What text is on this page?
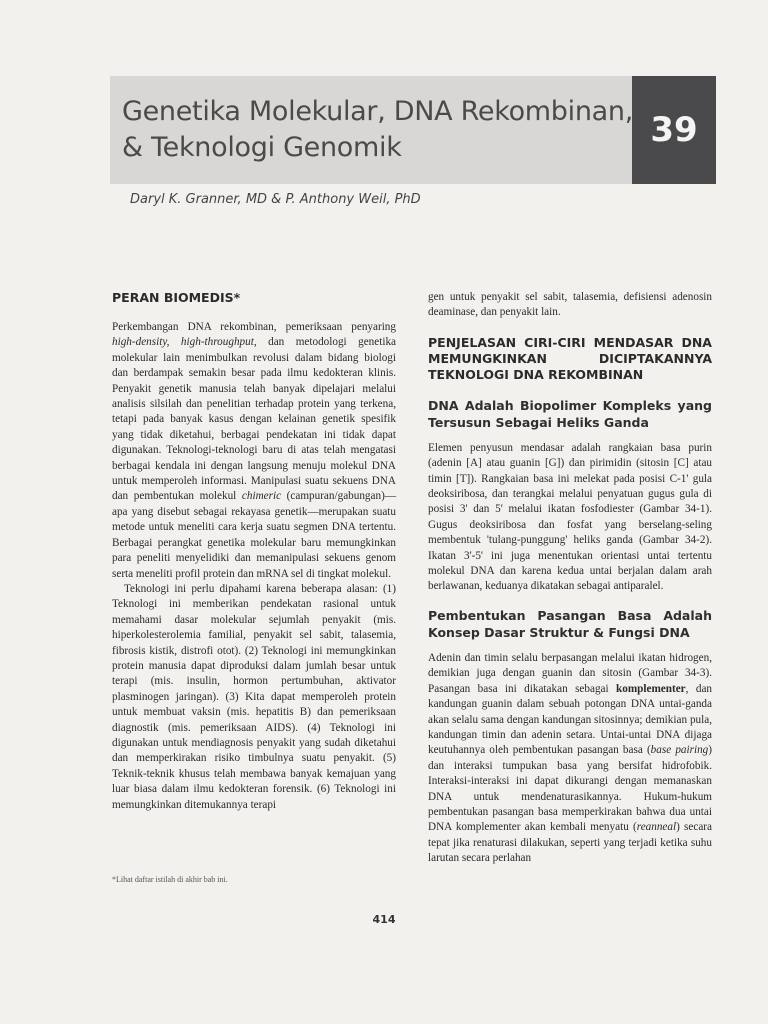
39
Genetika Molekular, DNA Rekombinan,
& Teknologi Genomik
Daryl K. Granner, MD & P. Anthony Weil, PhD
PERAN BIOMEDIS*

Perkembangan DNA rekombinan, pemeriksaan penyaring high-density, high-throughput, dan metodologi genetika molekular lain menimbulkan revolusi dalam bidang biologi dan berdampak semakin besar pada ilmu kedokteran klinis. Penyakit genetik manusia telah banyak dipelajari melalui analisis silsilah dan penelitian terhadap protein yang terkena, tetapi pada banyak kasus dengan kelainan genetik spesifik yang tidak diketahui, berbagai pendekatan ini tidak dapat digunakan. Teknologi-teknologi baru di atas telah mengatasi berbagai kendala ini dengan langsung menuju molekul DNA untuk memperoleh informasi. Manipulasi suatu sekuens DNA dan pembentukan molekul chimeric (campuran/gabungan)—apa yang disebut sebagai rekayasa genetik—merupakan suatu metode untuk meneliti cara kerja suatu segmen DNA tertentu. Berbagai perangkat genetika molekular baru memungkinkan para peneliti menyelidiki dan memanipulasi sekuens genom serta meneliti profil protein dan mRNA sel di tingkat molekul.

Teknologi ini perlu dipahami karena beberapa alasan: (1) Teknologi ini memberikan pendekatan rasional untuk memahami dasar molekular sejumlah penyakit (mis. hiperkolesterolemia familial, penyakit sel sabit, talasemia, fibrosis kistik, distrofi otot). (2) Teknologi ini memungkinkan protein manusia dapat diproduksi dalam jumlah besar untuk terapi (mis. insulin, hormon pertumbuhan, aktivator plasminogen jaringan). (3) Kita dapat memperoleh protein untuk membuat vaksin (mis. hepatitis B) dan pemeriksaan diagnostik (mis. pemeriksaan AIDS). (4) Teknologi ini digunakan untuk mendiagnosis penyakit yang sudah diketahui dan memperkirakan risiko timbulnya suatu penyakit. (5) Teknik-teknik khusus telah membawa banyak kemajuan yang luar biasa dalam ilmu kedokteran forensik. (6) Teknologi ini memungkinkan ditemukannya terapi

*Lihat daftar istilah di akhir bab ini.

gen untuk penyakit sel sabit, talasemia, defisiensi adenosin deaminase, dan penyakit lain.

PENJELASAN CIRI-CIRI MENDASAR DNA MEMUNGKINKAN DICIPTAKANNYA TEKNOLOGI DNA REKOMBINAN
DNA Adalah Biopolimer Kompleks yang Tersusun Sebagai Heliks Ganda

Elemen penyusun mendasar adalah rangkaian basa purin (adenin [A] atau guanin [G]) dan pirimidin (sitosin [C] atau timin [T]). Rangkaian basa ini melekat pada posisi C-1' gula deoksiribosa, dan terangkai melalui penyatuan gugus gula di posisi 3' dan 5' melalui ikatan fosfodiester (Gambar 34-1). Gugus deoksiribosa dan fosfat yang berselang-seling membentuk 'tulang-punggung' heliks ganda (Gambar 34-2). Ikatan 3'-5' ini juga menentukan orientasi untai tertentu molekul DNA dan karena kedua untai berjalan dalam arah berlawanan, keduanya dikatakan sebagai antiparalel.

Pembentukan Pasangan Basa Adalah Konsep Dasar Struktur & Fungsi DNA

Adenin dan timin selalu berpasangan melalui ikatan hidrogen, demikian juga dengan guanin dan sitosin (Gambar 34-3). Pasangan basa ini dikatakan sebagai komplementer, dan kandungan guanin dalam sebuah potongan DNA untai-ganda akan selalu sama dengan kandungan sitosinnya; demikian pula, kandungan timin dan adenin setara. Untai-untai DNA dijaga keutuhannya oleh pembentukan pasangan basa (base pairing) dan interaksi tumpukan basa yang bersifat hidrofobik. Interaksi-interaksi ini dapat dikurangi dengan memanaskan DNA untuk mendenaturasikannya. Hukum-hukum pembentukan pasangan basa memperkirakan bahwa dua untai DNA komplementer akan kembali menyatu (reanneal) secara tepat jika renaturasi dilakukan, seperti yang terjadi ketika suhu larutan secara perlahan

414
